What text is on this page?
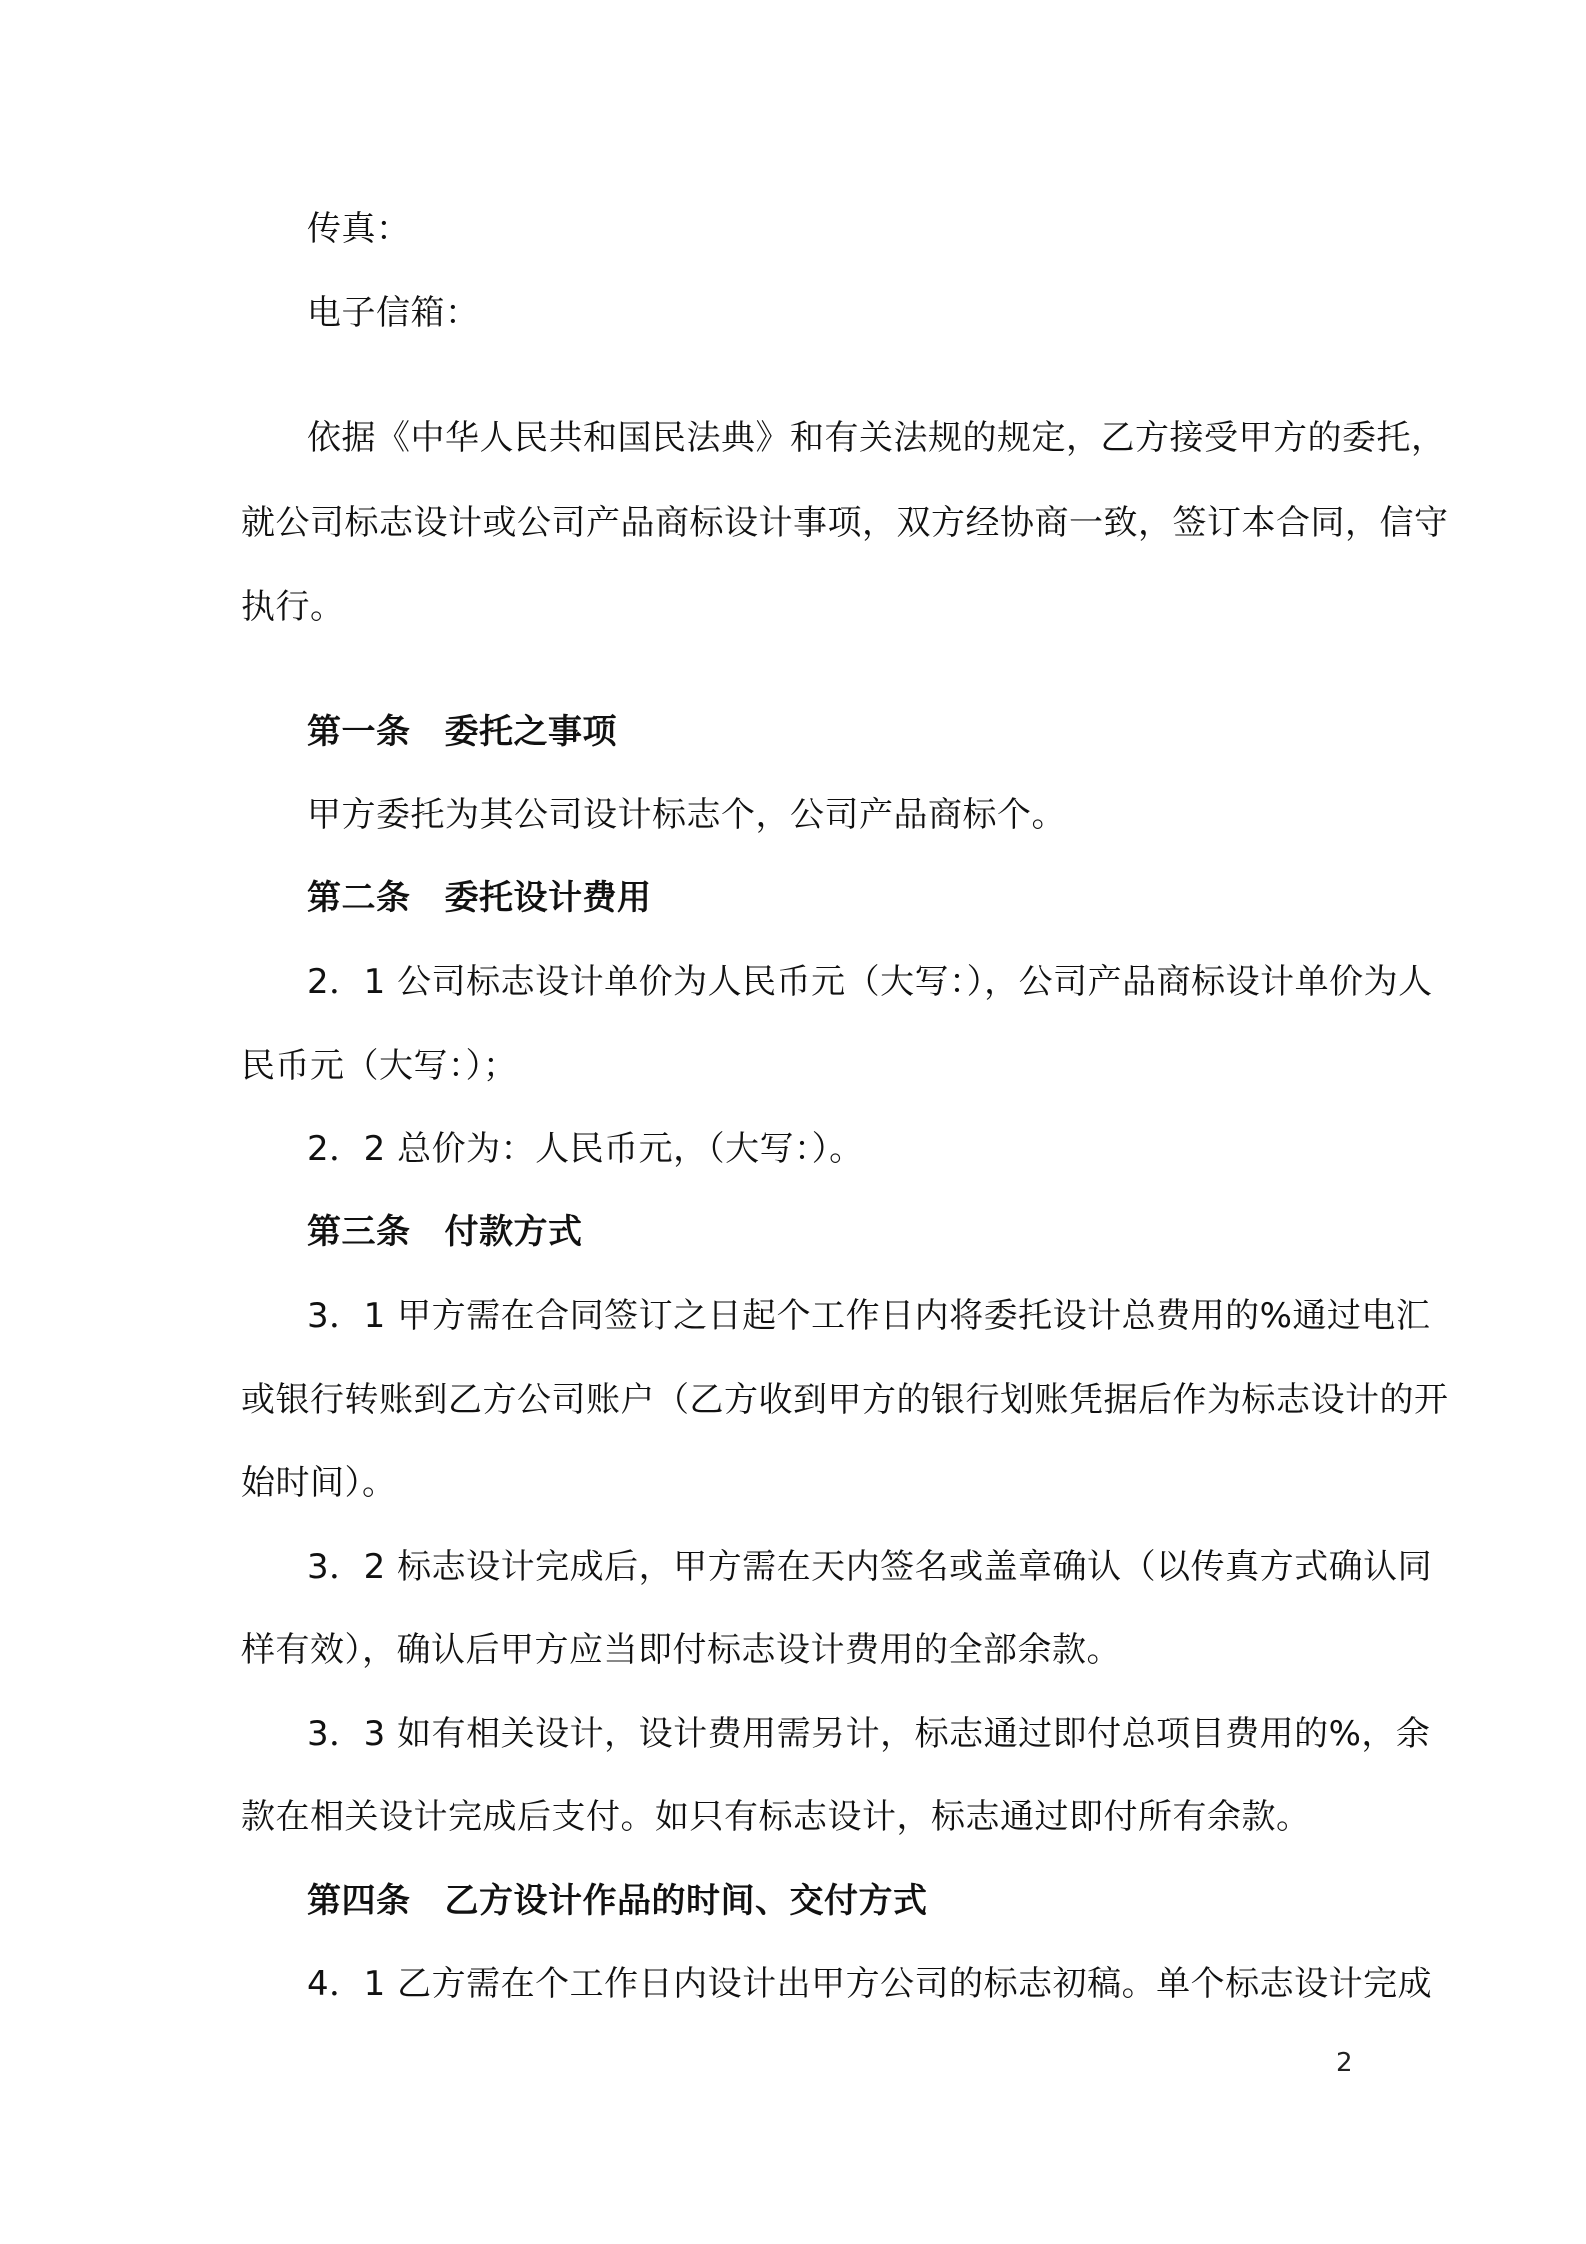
传真：
电子信箱：
依据《中华人民共和国民法典》和有关法规的规定，乙方接受甲方的委托，
就公司标志设计或公司产品商标设计事项，双方经协商一致，签订本合同，信守
执行。
第一条 委托之事项
甲方委托为其公司设计标志个，公司产品商标个。
第二条 委托设计费用
2．1 公司标志设计单价为人民币元（大写：），公司产品商标设计单价为人
民币元（大写：）；
2．2 总价为：人民币元，（大写：）。
第三条 付款方式
3．1 甲方需在合同签订之日起个工作日内将委托设计总费用的%通过电汇
或银行转账到乙方公司账户（乙方收到甲方的银行划账凭据后作为标志设计的开
始时间）。
3．2 标志设计完成后，甲方需在天内签名或盖章确认（以传真方式确认同
样有效），确认后甲方应当即付标志设计费用的全部余款。
3．3 如有相关设计，设计费用需另计，标志通过即付总项目费用的%，余
款在相关设计完成后支付。如只有标志设计，标志通过即付所有余款。
第四条 乙方设计作品的时间、交付方式
4．1 乙方需在个工作日内设计出甲方公司的标志初稿。单个标志设计完成
2
